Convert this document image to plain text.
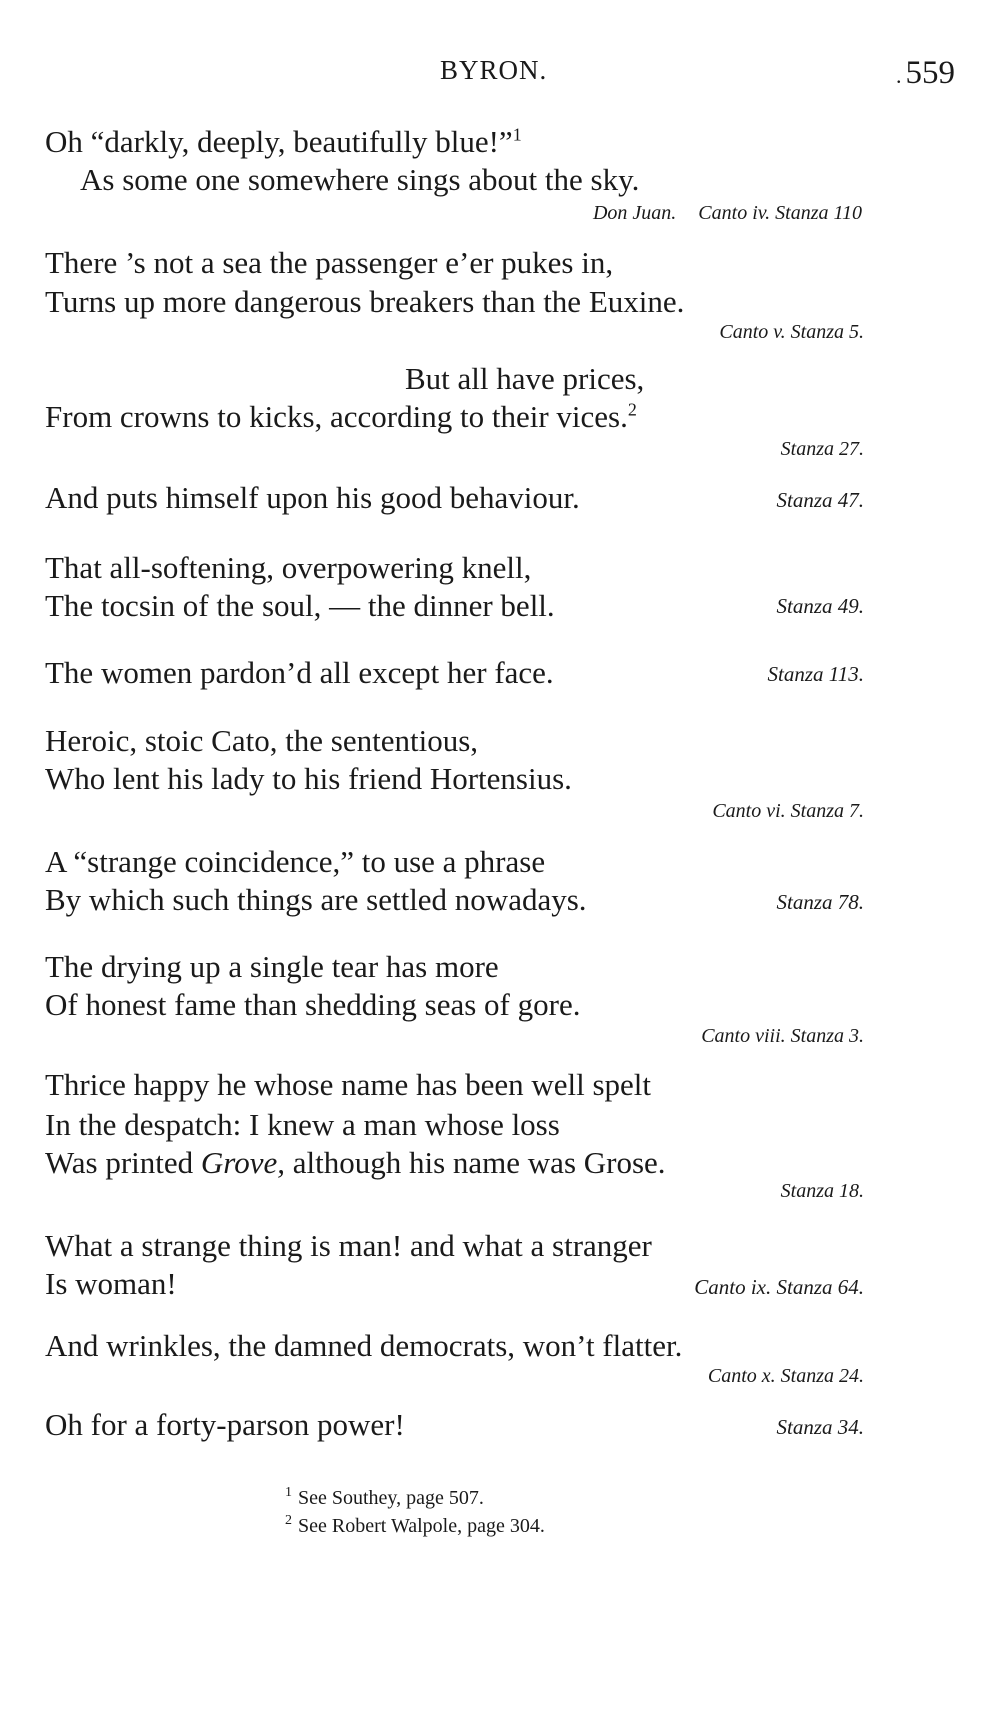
BYRON.	. 559
Oh “darkly, deeply, beautifully blue!”$^1$
As some one somewhere sings about the sky.
Don Juan. Canto iv. Stanza 110
There ’s not a sea the passenger e’er pukes in,
Turns up more dangerous breakers than the Euxine.
Canto v. Stanza 5.
But all have prices,
From crowns to kicks, according to their vices.$^2$
Stanza 27.
And puts himself upon his good behaviour.	Stanza 47.
That all-softening, overpowering knell,
The tocsin of the soul, — the dinner bell.	Stanza 49.
The women pardon’d all except her face.	Stanza 113.
Heroic, stoic Cato, the sententious,
Who lent his lady to his friend Hortensius.
Canto vi. Stanza 7.
A “strange coincidence,” to use a phrase
By which such things are settled nowadays.	Stanza 78.
The drying up a single tear has more
Of honest fame than shedding seas of gore.
Canto viii. Stanza 3.
Thrice happy he whose name has been well spelt
In the despatch: I knew a man whose loss
Was printed Grove, although his name was Grose.
Stanza 18.
What a strange thing is man! and what a stranger
Is woman!	Canto ix. Stanza 64.
And wrinkles, the damned democrats, won’t flatter.
Canto x. Stanza 24.
Oh for a forty-parson power!	Stanza 34.
$^1$ See Southey, page 507.
$^2$ See Robert Walpole, page 304.
